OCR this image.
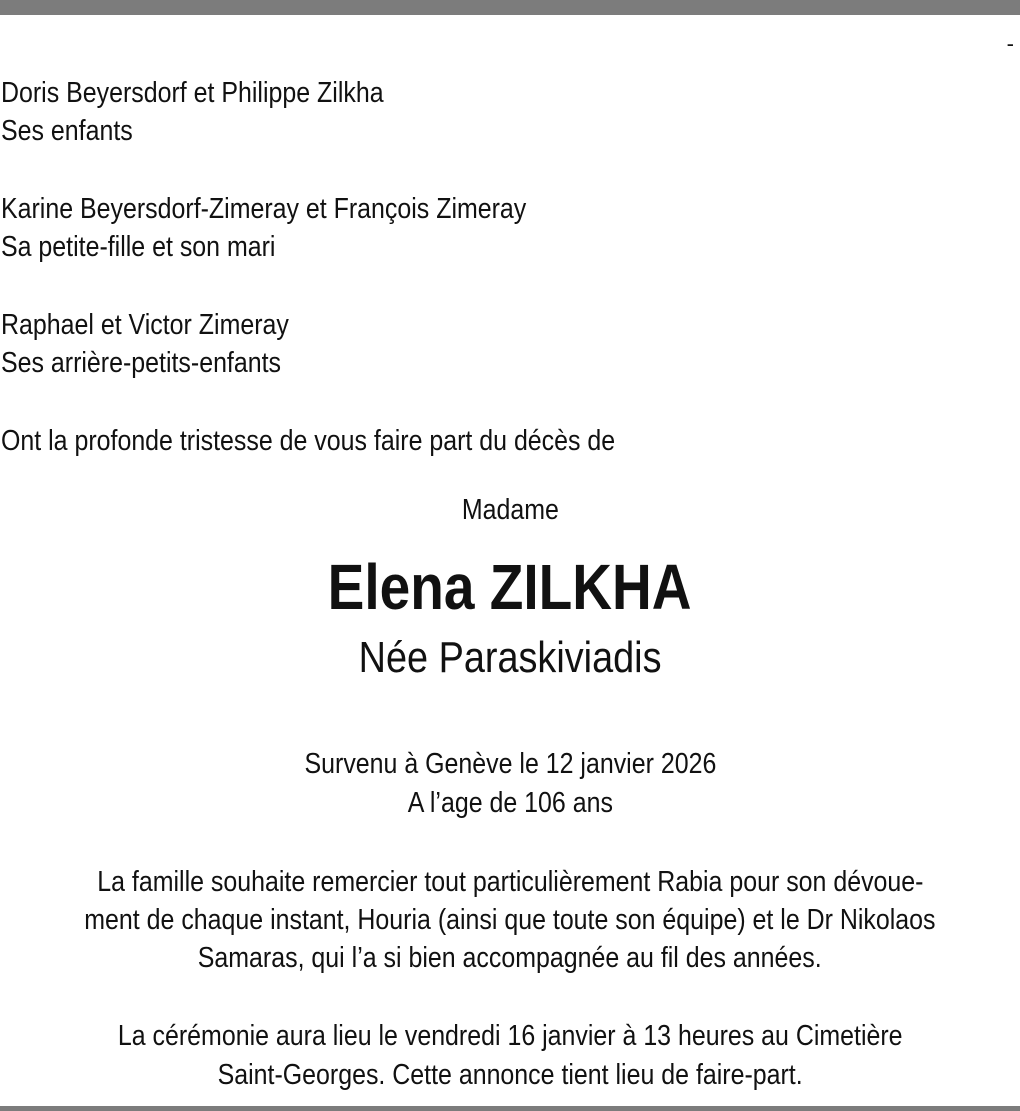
-
Doris Beyersdorf et Philippe Zilkha
Ses enfants
Karine Beyersdorf-Zimeray et François Zimeray
Sa petite-fille et son mari
Raphael et Victor Zimeray
Ses arrière-petits-enfants
Ont la profonde tristesse de vous faire part du décès de
Madame
Elena ZILKHA
Née Paraskiviadis
Survenu à Genève le 12 janvier 2026
A l’age de 106 ans
La famille souhaite remercier tout particulièrement Rabia pour son dévoue-
ment de chaque instant, Houria (ainsi que toute son équipe) et le Dr Nikolaos
Samaras, qui l’a si bien accompagnée au fil des années.
La cérémonie aura lieu le vendredi 16 janvier à 13 heures au Cimetière
Saint-Georges. Cette annonce tient lieu de faire-part.
